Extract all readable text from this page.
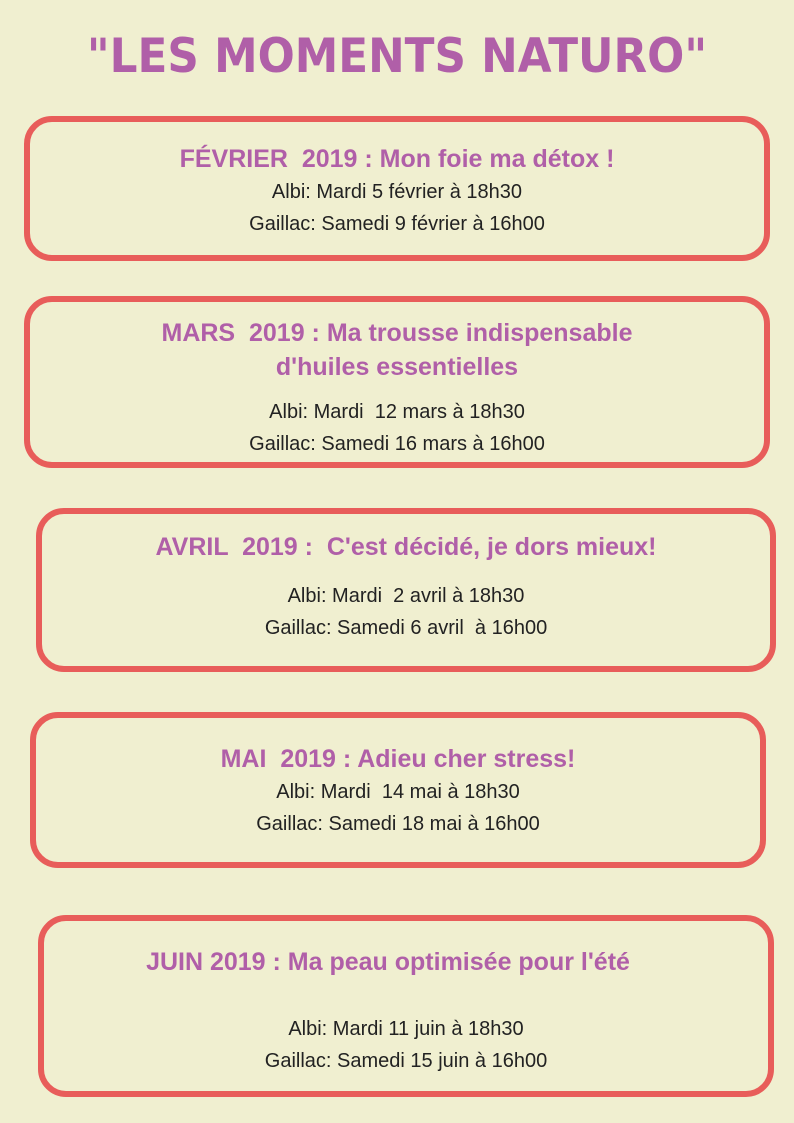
"LES MOMENTS NATURO"

FÉVRIER  2019 : Mon foie ma détox !

Albi: Mardi 5 février à 18h30

Gaillac: Samedi 9 février à 16h00

MARS  2019 : Ma trousse indispensable d'huiles essentielles

Albi: Mardi  12 mars à 18h30

Gaillac: Samedi 16 mars à 16h00

AVRIL  2019 :  C'est décidé, je dors mieux!

Albi: Mardi  2 avril à 18h30

Gaillac: Samedi 6 avril  à 16h00

MAI  2019 : Adieu cher stress!

Albi: Mardi  14 mai à 18h30

Gaillac: Samedi 18 mai à 16h00

JUIN 2019 : Ma peau optimisée pour l'été

Albi: Mardi 11 juin à 18h30

Gaillac: Samedi 15 juin à 16h00
